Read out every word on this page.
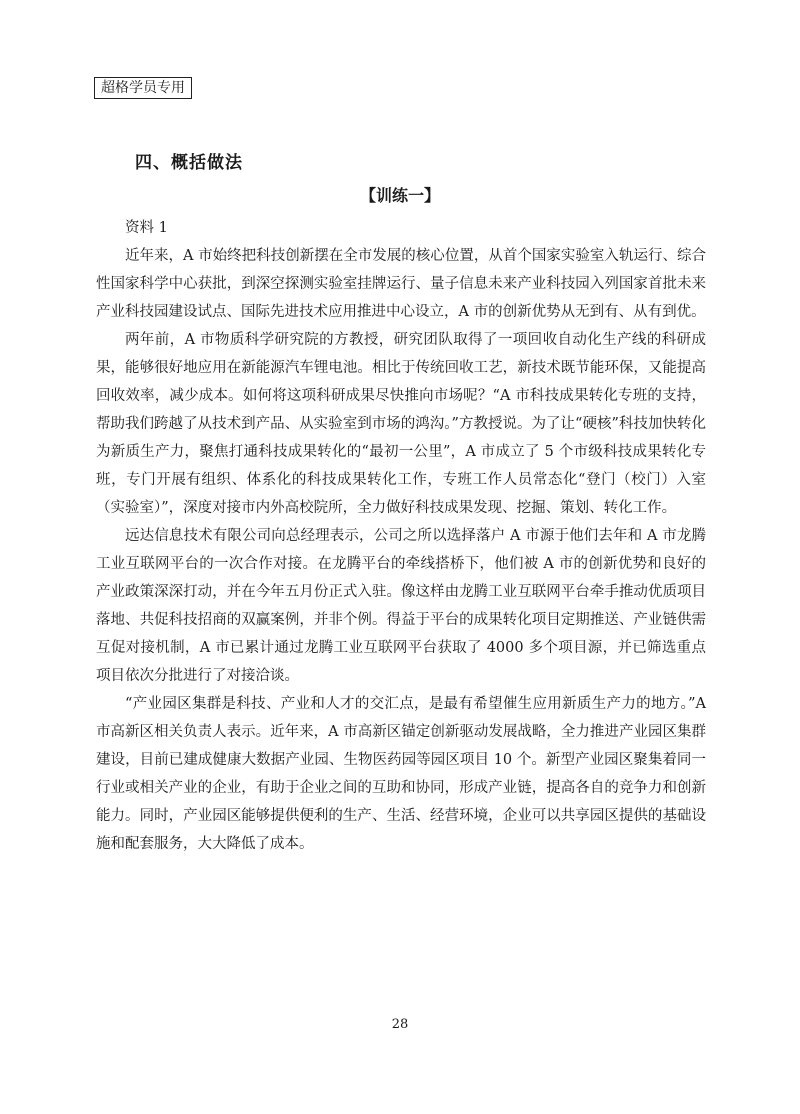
超格学员专用
四、概括做法
【训练一】

资料 1

近年来，A 市始终把科技创新摆在全市发展的核心位置，从首个国家实验室入轨运行、综合性国家科学中心获批，到深空探测实验室挂牌运行、量子信息未来产业科技园入列国家首批未来产业科技园建设试点、国际先进技术应用推进中心设立，A 市的创新优势从无到有、从有到优。

两年前，A 市物质科学研究院的方教授，研究团队取得了一项回收自动化生产线的科研成果，能够很好地应用在新能源汽车锂电池。相比于传统回收工艺，新技术既节能环保，又能提高回收效率，减少成本。如何将这项科研成果尽快推向市场呢？“A 市科技成果转化专班的支持，帮助我们跨越了从技术到产品、从实验室到市场的鸿沟。”方教授说。为了让“硬核”科技加快转化为新质生产力，聚焦打通科技成果转化的“最初一公里”，A 市成立了 5 个市级科技成果转化专班，专门开展有组织、体系化的科技成果转化工作，专班工作人员常态化“登门（校门）入室（实验室）”，深度对接市内外高校院所，全力做好科技成果发现、挖掘、策划、转化工作。

远达信息技术有限公司向总经理表示，公司之所以选择落户 A 市源于他们去年和 A 市龙腾工业互联网平台的一次合作对接。在龙腾平台的牵线搭桥下，他们被 A 市的创新优势和良好的产业政策深深打动，并在今年五月份正式入驻。像这样由龙腾工业互联网平台牵手推动优质项目落地、共促科技招商的双赢案例，并非个例。得益于平台的成果转化项目定期推送、产业链供需互促对接机制，A 市已累计通过龙腾工业互联网平台获取了 4000 多个项目源，并已筛选重点项目依次分批进行了对接洽谈。

“产业园区集群是科技、产业和人才的交汇点，是最有希望催生应用新质生产力的地方。”A 市高新区相关负责人表示。近年来，A 市高新区锚定创新驱动发展战略，全力推进产业园区集群建设，目前已建成健康大数据产业园、生物医药园等园区项目 10 个。新型产业园区聚集着同一行业或相关产业的企业，有助于企业之间的互助和协同，形成产业链，提高各自的竞争力和创新能力。同时，产业园区能够提供便利的生产、生活、经营环境，企业可以共享园区提供的基础设施和配套服务，大大降低了成本。

28
